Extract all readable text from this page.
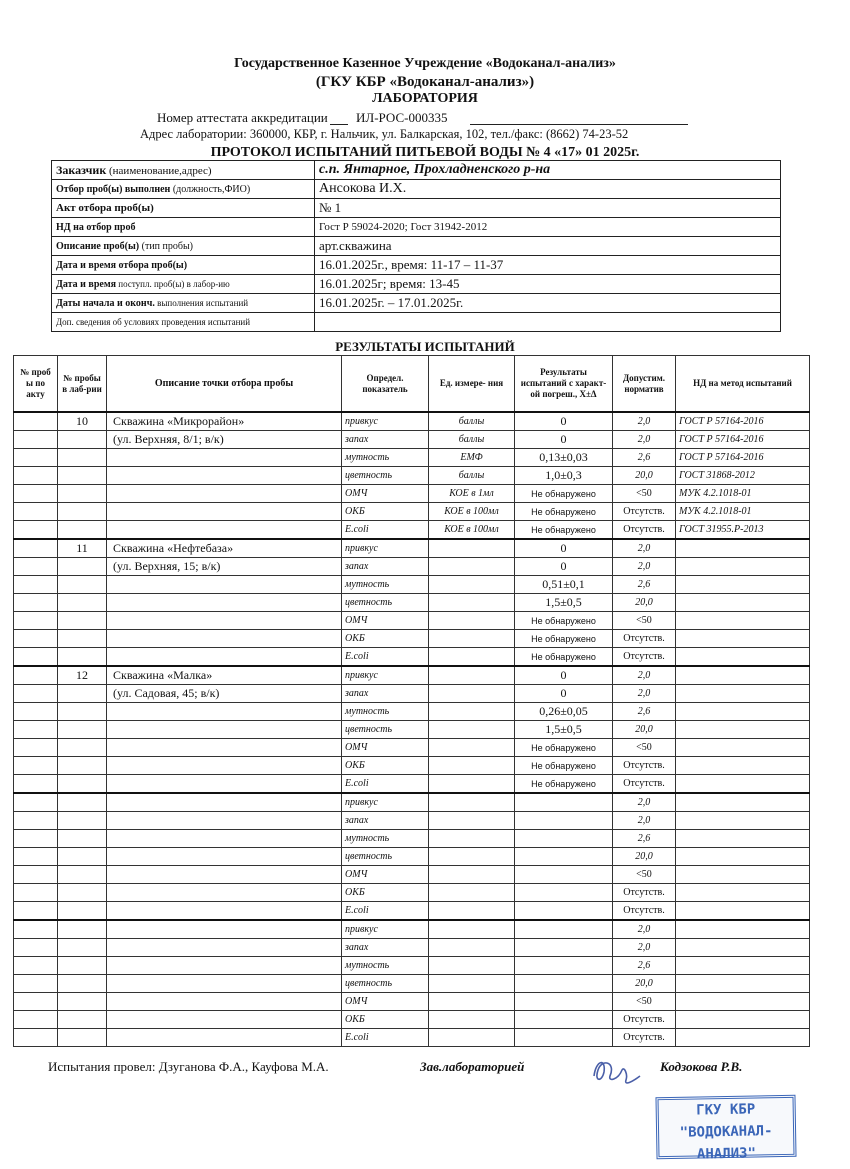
Государственное Казенное Учреждение «Водоканал-анализ»
(ГКУ КБР «Водоканал-анализ»)
ЛАБОРАТОРИЯ
Номер аттестата аккредитации ИЛ-РОС-000335
Адрес лаборатории: 360000, КБР, г. Нальчик, ул. Балкарская, 102, тел./факс: (8662) 74-23-52
ПРОТОКОЛ ИСПЫТАНИЙ ПИТЬЕВОЙ ВОДЫ № 4 «17» 01 2025г.
Заказчик (наименование,адрес)	с.п. Янтарное, Прохладненского р-на
Отбор проб(ы) выполнен (должность,ФИО)	Ансокова И.Х.
Акт отбора проб(ы)	№ 1
НД на отбор проб	Гост Р 59024-2020; Гост 31942-2012
Описание проб(ы) (тип пробы)	арт.скважина
Дата и время отбора проб(ы)	16.01.2025г., время: 11-17 – 11-37
Дата и время поступл. проб(ы) в лабор-ию	16.01.2025г; время: 13-45
Даты начала и оконч. выполнения испытаний	16.01.2025г. – 17.01.2025г.
Доп. сведения об условиях проведения испытаний	
РЕЗУЛЬТАТЫ ИСПЫТАНИЙ
№ проб ы по акту	№ пробы в лаб-рии	Описание точки отбора пробы	Определ. показатель	Ед. измере- ния	Результаты испытаний с характ-ой погреш., Х±Δ	Допустим. норматив	НД на метод испытаний
	10	Скважина «Микрорайон»	привкус	баллы	0	2,0	ГОСТ Р 57164-2016
		(ул. Верхняя, 8/1; в/к)	запах	баллы	0	2,0	ГОСТ Р 57164-2016
			мутность	ЕМФ	0,13±0,03	2,6	ГОСТ Р 57164-2016
			цветность	баллы	1,0±0,3	20,0	ГОСТ 31868-2012
			ОМЧ	КОЕ в 1мл	Не обнаружено	<50	МУК 4.2.1018-01
			ОКБ	КОЕ в 100мл	Не обнаружено	Отсутств.	МУК 4.2.1018-01
			E.coli	КОЕ в 100мл	Не обнаружено	Отсутств.	ГОСТ 31955.Р-2013
	11	Скважина «Нефтебаза»	привкус		0	2,0	
		(ул. Верхняя, 15; в/к)	запах		0	2,0	
			мутность		0,51±0,1	2,6	
			цветность		1,5±0,5	20,0	
			ОМЧ		Не обнаружено	<50	
			ОКБ		Не обнаружено	Отсутств.	
			E.coli		Не обнаружено	Отсутств.	
	12	Скважина «Малка»	привкус		0	2,0	
		(ул. Садовая, 45; в/к)	запах		0	2,0	
			мутность		0,26±0,05	2,6	
			цветность		1,5±0,5	20,0	
			ОМЧ		Не обнаружено	<50	
			ОКБ		Не обнаружено	Отсутств.	
			E.coli		Не обнаружено	Отсутств.	
			привкус			2,0	
			запах			2,0	
			мутность			2,6	
			цветность			20,0	
			ОМЧ			<50	
			ОКБ			Отсутств.	
			E.coli			Отсутств.	
			привкус			2,0	
			запах			2,0	
			мутность			2,6	
			цветность			20,0	
			ОМЧ			<50	
			ОКБ			Отсутств.	
			E.coli			Отсутств.	
Испытания провел: Дзуганова Ф.А., Кауфова М.А.	Зав.лабораторией	Кодзокова Р.В.
ГКУ КБР
"ВОДОКАНАЛ-АНАЛИЗ"
